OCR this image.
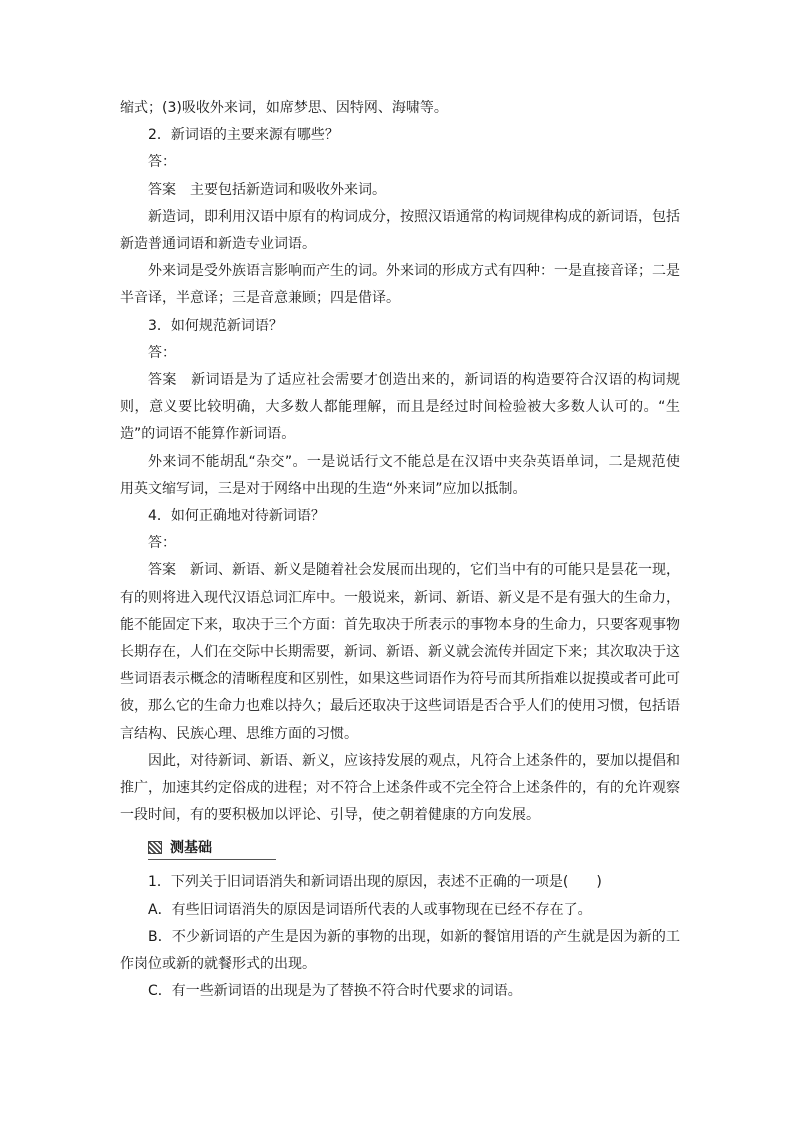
缩式；(3)吸收外来词，如席梦思、因特网、海啸等。

2．新词语的主要来源有哪些？

答：

答案　主要包括新造词和吸收外来词。

新造词，即利用汉语中原有的构词成分，按照汉语通常的构词规律构成的新词语，包括新造普通词语和新造专业词语。

外来词是受外族语言影响而产生的词。外来词的形成方式有四种：一是直接音译；二是半音译，半意译；三是音意兼顾；四是借译。

3．如何规范新词语？

答：

答案　新词语是为了适应社会需要才创造出来的，新词语的构造要符合汉语的构词规则，意义要比较明确，大多数人都能理解，而且是经过时间检验被大多数人认可的。“生造”的词语不能算作新词语。

外来词不能胡乱“杂交”。一是说话行文不能总是在汉语中夹杂英语单词，二是规范使用英文缩写词，三是对于网络中出现的生造“外来词”应加以抵制。

4．如何正确地对待新词语？

答：

答案　新词、新语、新义是随着社会发展而出现的，它们当中有的可能只是昙花一现，有的则将进入现代汉语总词汇库中。一般说来，新词、新语、新义是不是有强大的生命力，能不能固定下来，取决于三个方面：首先取决于所表示的事物本身的生命力，只要客观事物长期存在，人们在交际中长期需要，新词、新语、新义就会流传并固定下来；其次取决于这些词语表示概念的清晰程度和区别性，如果这些词语作为符号而其所指难以捉摸或者可此可彼，那么它的生命力也难以持久；最后还取决于这些词语是否合乎人们的使用习惯，包括语言结构、民族心理、思维方面的习惯。

因此，对待新词、新语、新义，应该持发展的观点，凡符合上述条件的，要加以提倡和推广，加速其约定俗成的进程；对不符合上述条件或不完全符合上述条件的，有的允许观察一段时间，有的要积极加以评论、引导，使之朝着健康的方向发展。

测基础

1．下列关于旧词语消失和新词语出现的原因，表述不正确的一项是(　　)

A．有些旧词语消失的原因是词语所代表的人或事物现在已经不存在了。

B．不少新词语的产生是因为新的事物的出现，如新的餐馆用语的产生就是因为新的工作岗位或新的就餐形式的出现。

C．有一些新词语的出现是为了替换不符合时代要求的词语。
